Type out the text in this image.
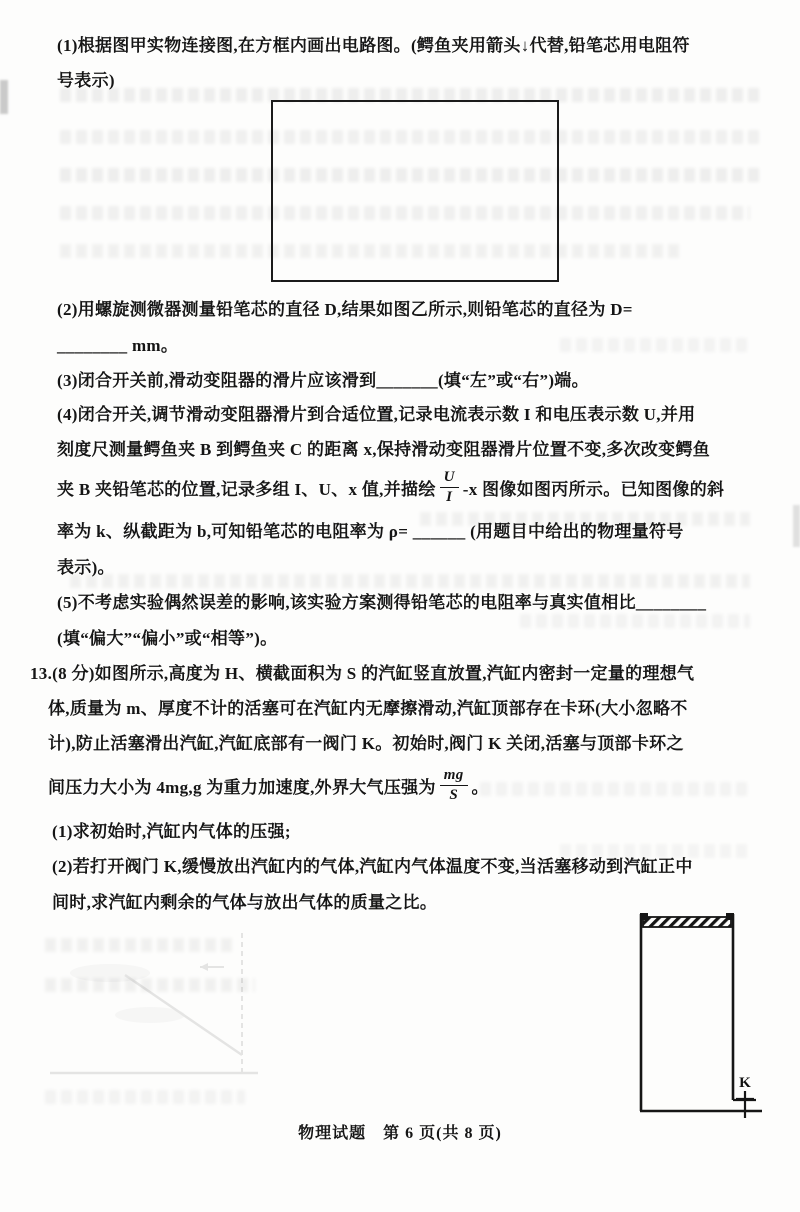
(1)根据图甲实物连接图,在方框内画出电路图。(鳄鱼夹用箭头↓代替,铅笔芯用电阻符
号表示)
(2)用螺旋测微器测量铅笔芯的直径 D,结果如图乙所示,则铅笔芯的直径为 D=
________ mm。
(3)闭合开关前,滑动变阻器的滑片应该滑到_______(填“左”或“右”)端。
(4)闭合开关,调节滑动变阻器滑片到合适位置,记录电流表示数 I 和电压表示数 U,并用
刻度尺测量鳄鱼夹 B 到鳄鱼夹 C 的距离 x,保持滑动变阻器滑片位置不变,多次改变鳄鱼
夹 B 夹铅笔芯的位置,记录多组 I、U、x 值,并描绘 $\frac{U}{I} -x$ 图像如图丙所示。已知图像的斜
率为 k、纵截距为 b,可知铅笔芯的电阻率为 ρ= ______ (用题目中给出的物理量符号
表示)。
(5)不考虑实验偶然误差的影响,该实验方案测得铅笔芯的电阻率与真实值相比________
(填“偏大”“偏小”或“相等”)。
13.(8 分)如图所示,高度为 H、横截面积为 S 的汽缸竖直放置,汽缸内密封一定量的理想气
体,质量为 m、厚度不计的活塞可在汽缸内无摩擦滑动,汽缸顶部存在卡环(大小忽略不
计),防止活塞滑出汽缸,汽缸底部有一阀门 K。初始时,阀门 K 关闭,活塞与顶部卡环之
间压力大小为 4mg,g 为重力加速度,外界大气压强为 $\frac{mg}{S}$ 。
(1)求初始时,汽缸内气体的压强;
(2)若打开阀门 K,缓慢放出汽缸内的气体,汽缸内气体温度不变,当活塞移动到汽缸正中
间时,求汽缸内剩余的气体与放出气体的质量之比。
K
物理试题　第 6 页(共 8 页)
